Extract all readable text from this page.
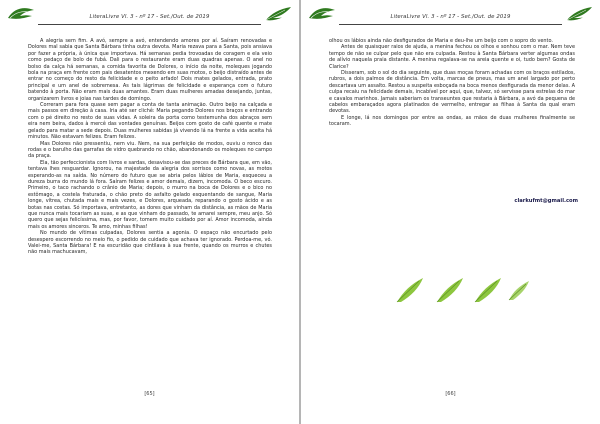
LiteraLivre Vl. 3 - nº 17 - Set./Out. de 2019

A alegria sem fim. A avó, sempre a avó, entendendo amores por aí. Saíram renovadas e Dolores mal sabia que Santa Bárbara tinha outra devota. Maria rezava para a Santa, pois ansiava por fazer a própria, à única que importava. Há semanas pedia trovoadas de coragem e ela veio como pedaço de bolo de fubá. Dali para o restaurante eram duas quadras apenas. O anel no bolso da calça há semanas, a comida favorita de Dolores, o início da noite, moleques jogando bola na praça em frente com pais desatentos mexendo em suas motos, o beijo distraído antes de entrar no começo do resto da felicidade e o peito arfado! Dois mates gelados, entrada, prato principal e um anel de sobremesa. As tais lágrimas de felicidade e esperança com o futuro batendo à porta. Não eram mais duas amantes. Eram duas mulheres amadas desejando, juntas, organizarem livros e joias nas tardes de domingo.

Correram para fora quase sem pagar a conta de tanta animação. Outro beijo na calçada e mais passos em direção à casa. Iria até ser clichê: Maria pegando Dolores nos braços e entrando com o pé direito no resto de suas vidas. A soleira da porta como testemunha dos abraços sem eira nem beira, dados à mercê das vontades genuínas. Beijos com gosto de café quente e mate gelado para matar a sede depois. Duas mulheres sabidas já vivendo lá na frente a vida aceita há minutos. Não estavam felizes. Eram felizes.

Mas Dolores não pressentiu, nem viu. Nem, na sua perfeição de modos, ouviu o ronco das rodas e o barulho das garrafas de vidro quebrando no chão, abandonando os moleques no campo da praça.

Ela, tão perfeccionista com livros e sardas, desavisou-se das preces de Bárbara que, em vão, tentava lhes resguardar. Ignorou, na majestade da alegria dos sorrisos como novas, as motos esperando-as na saída. No número do futuro que se abria pelos lábios de Maria, esqueceu a dureza burra do mundo lá fora. Saíram felizes e amor demais, dizem, incomoda. O beco escuro. Primeiro, o taco rachando o crânio de Maria; depois, o murro na boca de Dolores e o bico no estômago, a costela fraturada, o chão preto do asfalto gelado esquentando de sangue, Maria longe, vítrea, chutada mais e mais vezes, e Dolores, arqueada, reparando o gosto ácido e as botas nas costas. Só importava, entretanto, as dores que vinham da distância, as mãos de Maria que nunca mais tocariam as suas, e as que vinham do passado, te amarei sempre, meu anjo. Só quero que sejas felicíssima, mas, por favor, tomem muito cuidado por aí. Amor incomoda, ainda mais os amores sinceros. Te amo, minhas filhas!

No mundo de vítimas culpadas, Dolores sentia a agonia. O espaço não encurtado pelo desespero escorrendo no meio fio, o pedido de cuidado que achava ter ignorado. Perdoa-me, vó. Valei-me, Santa Bárbara! E na escuridão que cintilava à sua frente, quando os murros e chutes não mais machucavam,

[65]
LiteraLivre Vl. 3 - nº 17 - Set./Out. de 2019

olhou os lábios ainda não desfigurados de Maria e deu-lhe um beijo com o sopro do vento.

Antes de quaisquer raios de ajuda, a menina fechou os olhos e sonhou com o mar. Nem teve tempo de não se culpar pelo que não era culpada. Restou à Santa Bárbara verter algumas ondas de alívio naquela praia distante. A menina regalava-se na areia quente e oi, tudo bem? Gosta de Clarice?

Disseram, sob o sol do dia seguinte, que duas moças foram achadas com os braços estilados, rubros, a dois palmos de distância. Em volta, marcas de pneus, mas um anel largado por perto descartava um assalto. Restou a suspeita esboçada na boca menos desfigurada da menor delas. A culpa recaiu na felicidade demais, incabível por aqui, que, talvez, só servisse para estrelas do mar e cavalos marinhos. Jamais saberiam os transeuntes que restaria à Bárbara, a avó da pequena de cabelos embaraçados agora platinados de vermelho, entregar as filhas à Santa da qual eram devotas.

E longe, lá nos domingos por entre as ondas, as mãos de duas mulheres finalmente se tocaram.

clarkufmt@gmail.com
[66]
